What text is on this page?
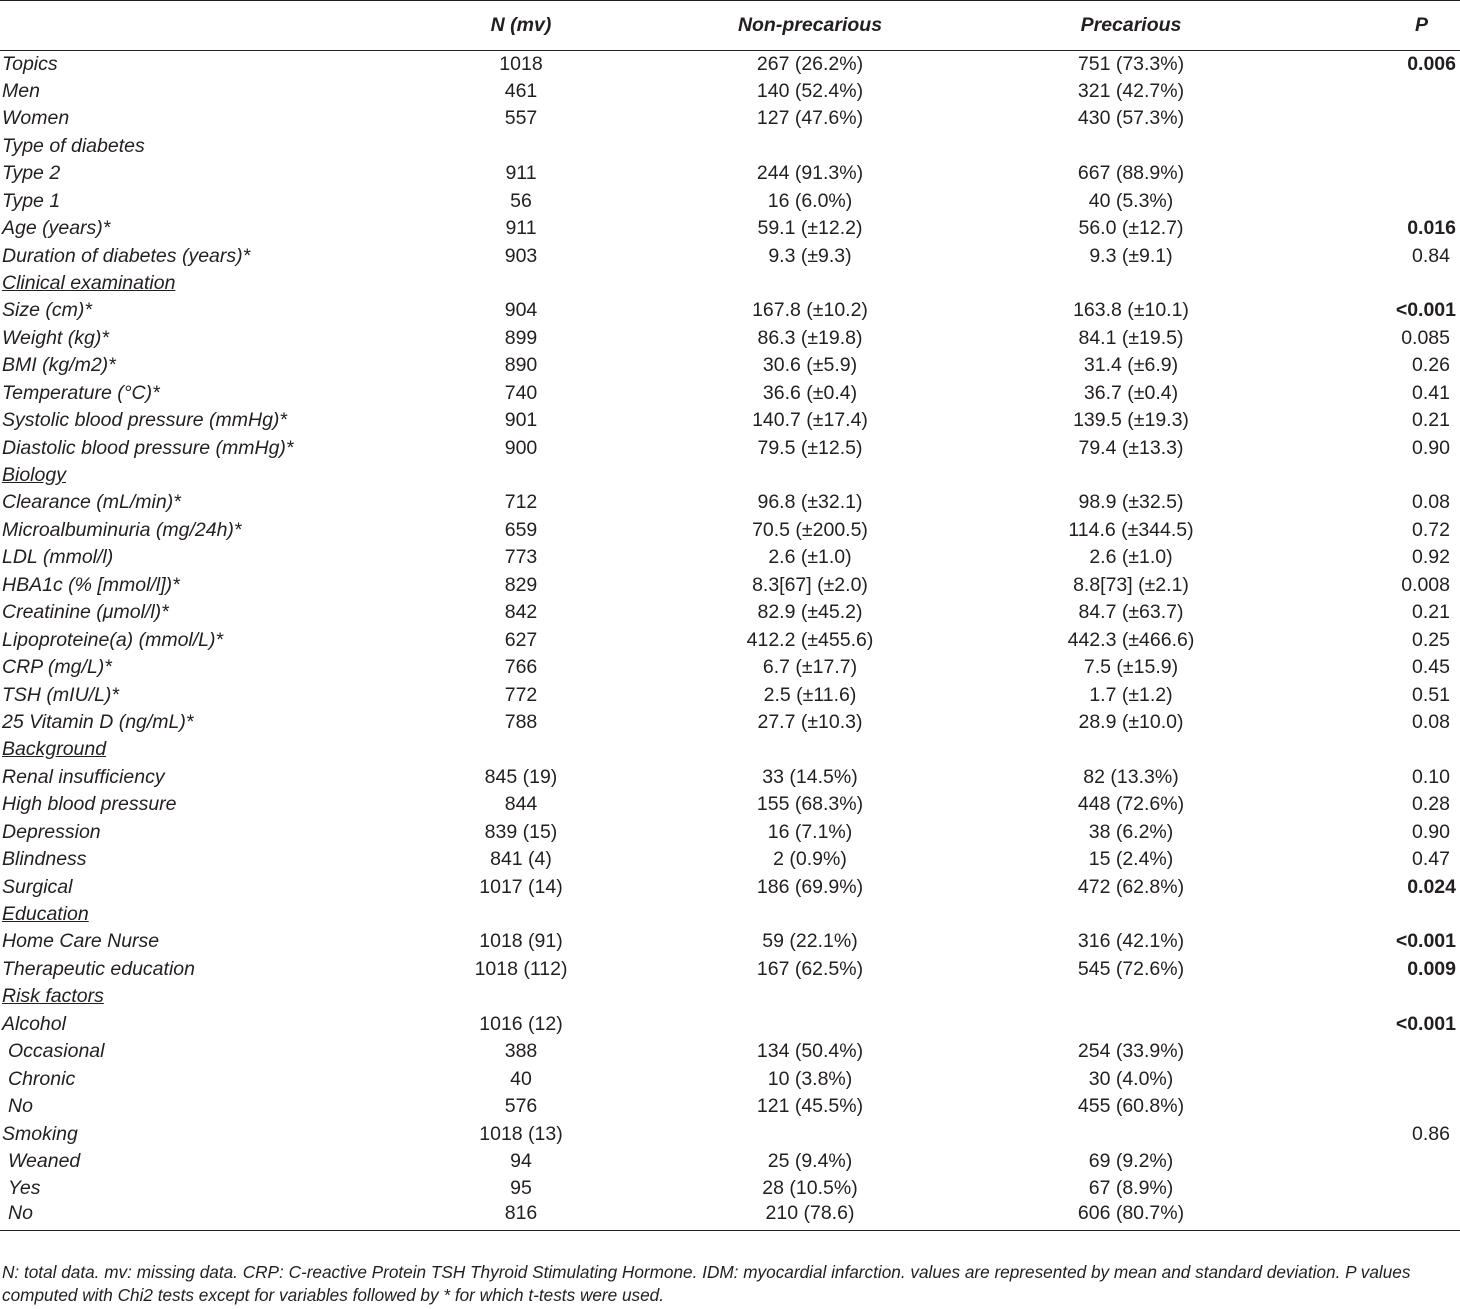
	N (mv)	Non-precarious	Precarious	P
Topics	1018	267 (26.2%)	751 (73.3%)	0.006
Men	461	140 (52.4%)	321 (42.7%)	
Women	557	127 (47.6%)	430 (57.3%)	
Type of diabetes				
Type 2	911	244 (91.3%)	667 (88.9%)	
Type 1	56	16 (6.0%)	40 (5.3%)	
Age (years)*	911	59.1 (±12.2)	56.0 (±12.7)	0.016
Duration of diabetes (years)*	903	9.3 (±9.3)	9.3 (±9.1)	0.84
Clinical examination				
Size (cm)*	904	167.8 (±10.2)	163.8 (±10.1)	<0.001
Weight (kg)*	899	86.3 (±19.8)	84.1 (±19.5)	0.085
BMI (kg/m2)*	890	30.6 (±5.9)	31.4 (±6.9)	0.26
Temperature (°C)*	740	36.6 (±0.4)	36.7 (±0.4)	0.41
Systolic blood pressure (mmHg)*	901	140.7 (±17.4)	139.5 (±19.3)	0.21
Diastolic blood pressure (mmHg)*	900	79.5 (±12.5)	79.4 (±13.3)	0.90
Biology				
Clearance (mL/min)*	712	96.8 (±32.1)	98.9 (±32.5)	0.08
Microalbuminuria (mg/24h)*	659	70.5 (±200.5)	114.6 (±344.5)	0.72
LDL (mmol/l)	773	2.6 (±1.0)	2.6 (±1.0)	0.92
HBA1c (% [mmol/l])*	829	8.3[67] (±2.0)	8.8[73] (±2.1)	0.008
Creatinine (μmol/l)*	842	82.9 (±45.2)	84.7 (±63.7)	0.21
Lipoproteine(a) (mmol/L)*	627	412.2 (±455.6)	442.3 (±466.6)	0.25
CRP (mg/L)*	766	6.7 (±17.7)	7.5 (±15.9)	0.45
TSH (mIU/L)*	772	2.5 (±11.6)	1.7 (±1.2)	0.51
25 Vitamin D (ng/mL)*	788	27.7 (±10.3)	28.9 (±10.0)	0.08
Background				
Renal insufficiency	845 (19)	33 (14.5%)	82 (13.3%)	0.10
High blood pressure	844	155 (68.3%)	448 (72.6%)	0.28
Depression	839 (15)	16 (7.1%)	38 (6.2%)	0.90
Blindness	841 (4)	2 (0.9%)	15 (2.4%)	0.47
Surgical	1017 (14)	186 (69.9%)	472 (62.8%)	0.024
Education				
Home Care Nurse	1018 (91)	59 (22.1%)	316 (42.1%)	<0.001
Therapeutic education	1018 (112)	167 (62.5%)	545 (72.6%)	0.009
Risk factors				
Alcohol	1016 (12)			<0.001
Occasional	388	134 (50.4%)	254 (33.9%)	
Chronic	40	10 (3.8%)	30 (4.0%)	
No	576	121 (45.5%)	455 (60.8%)	
Smoking	1018 (13)			0.86
Weaned	94	25 (9.4%)	69 (9.2%)	
Yes	95	28 (10.5%)	67 (8.9%)	
No	816	210 (78.6)	606 (80.7%)	
N: total data. mv: missing data. CRP: C-reactive Protein TSH Thyroid Stimulating Hormone. IDM: myocardial infarction. values are represented by mean and standard deviation. P values computed with Chi2 tests except for variables followed by * for which t-tests were used.
